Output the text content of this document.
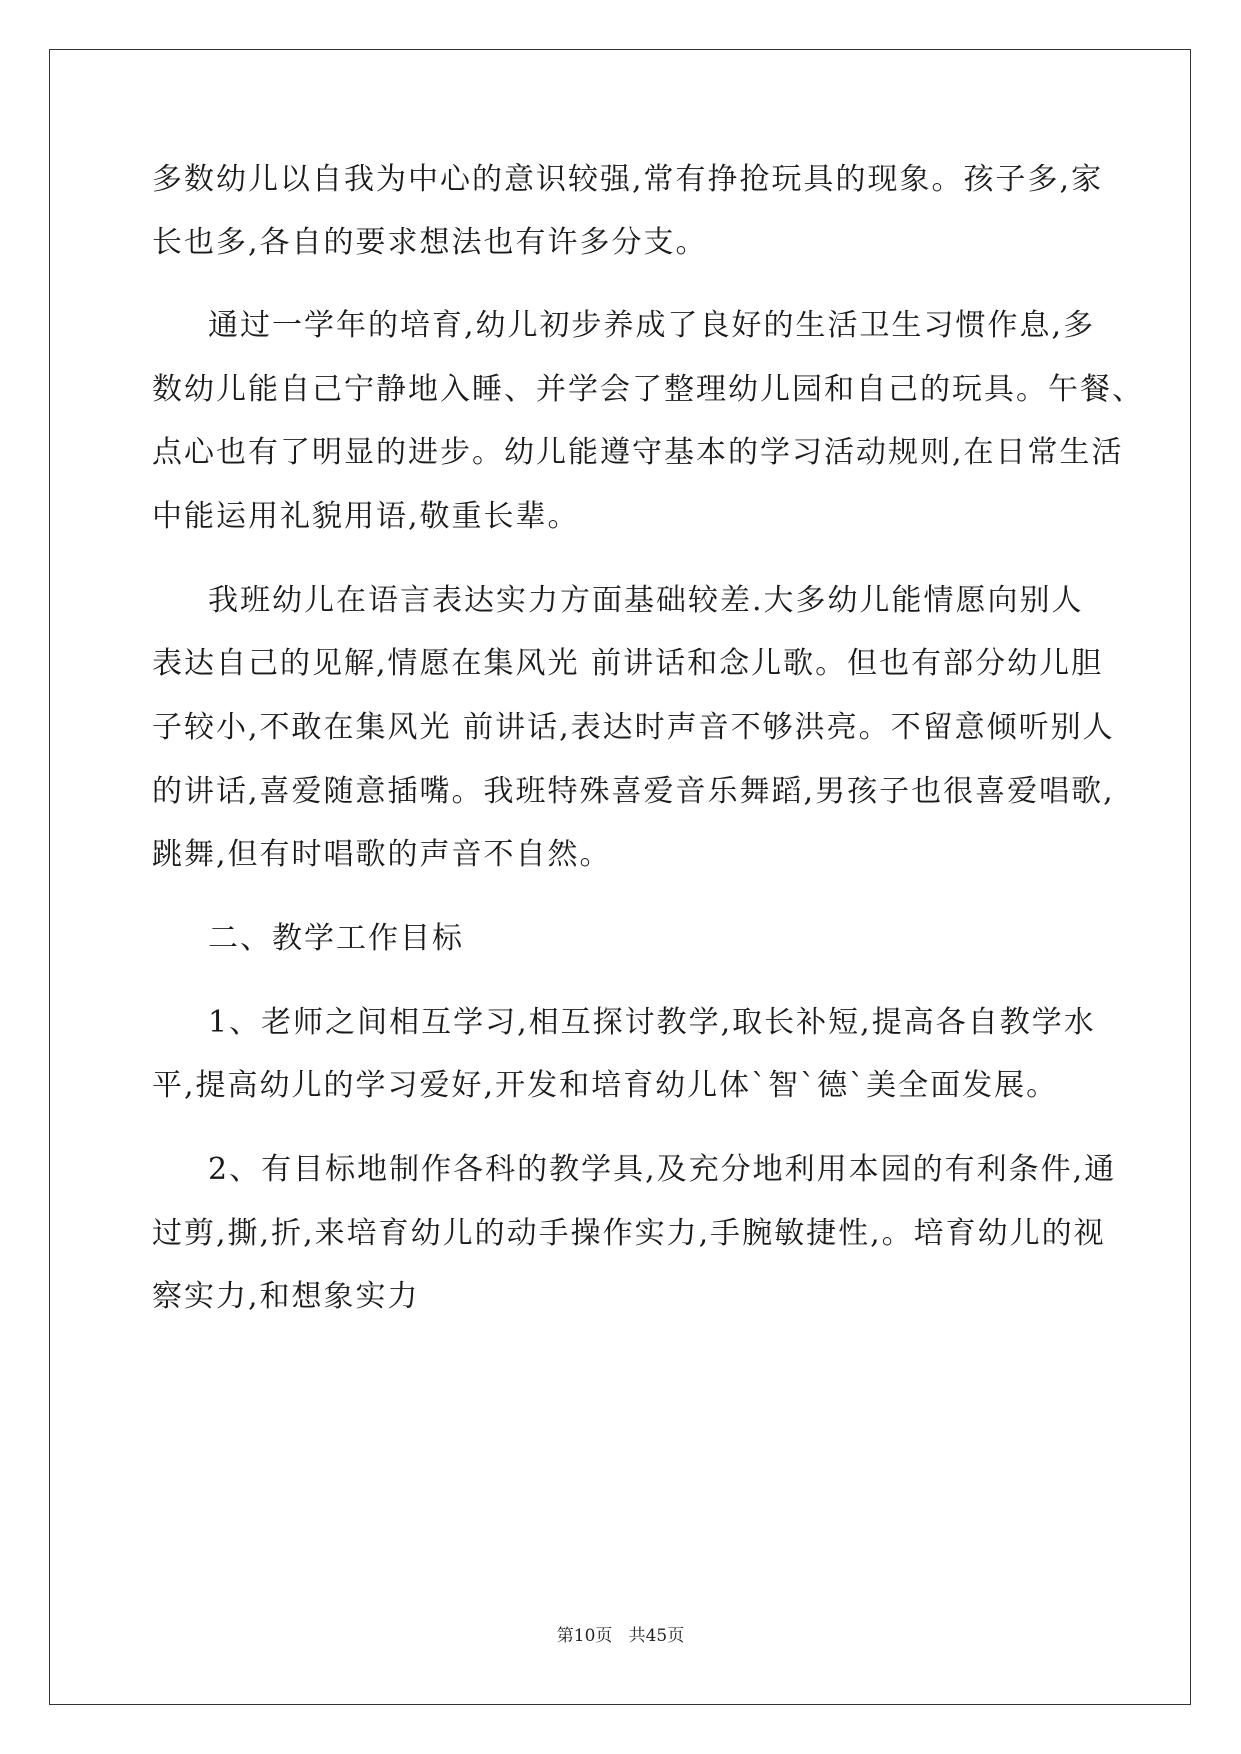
多数幼儿以自我为中心的意识较强,常有挣抢玩具的现象。孩子多,家
长也多,各自的要求想法也有许多分支。
通过一学年的培育,幼儿初步养成了良好的生活卫生习惯作息,多
数幼儿能自己宁静地入睡、并学会了整理幼儿园和自己的玩具。午餐、
点心也有了明显的进步。幼儿能遵守基本的学习活动规则,在日常生活
中能运用礼貌用语,敬重长辈。
我班幼儿在语言表达实力方面基础较差.大多幼儿能情愿向别人
表达自己的见解,情愿在集风光 前讲话和念儿歌。但也有部分幼儿胆
子较小,不敢在集风光 前讲话,表达时声音不够洪亮。不留意倾听别人
的讲话,喜爱随意插嘴。我班特殊喜爱音乐舞蹈,男孩子也很喜爱唱歌,
跳舞,但有时唱歌的声音不自然。
二、教学工作目标
1、老师之间相互学习,相互探讨教学,取长补短,提高各自教学水
平,提高幼儿的学习爱好,开发和培育幼儿体`智`德`美全面发展。
2、有目标地制作各科的教学具,及充分地利用本园的有利条件,通
过剪,撕,折,来培育幼儿的动手操作实力,手腕敏捷性,。培育幼儿的视
察实力,和想象实力
第10页 共45页
